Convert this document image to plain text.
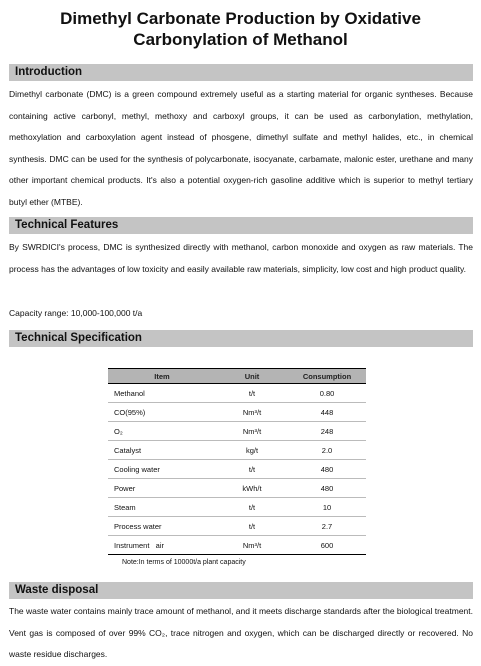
Dimethyl Carbonate Production by Oxidative
Carbonylation of Methanol
Introduction
Dimethyl carbonate (DMC) is a green compound extremely useful as a starting material for organic syntheses. Because containing active carbonyl, methyl, methoxy and carboxyl groups, it can be used as carbonylation, methylation, methoxylation and carboxylation agent instead of phosgene, dimethyl sulfate and methyl halides, etc., in chemical synthesis. DMC can be used for the synthesis of polycarbonate, isocyanate, carbamate, malonic ester, urethane and many other important chemical products. It's also a potential oxygen-rich gasoline additive which is superior to methyl tertiary butyl ether (MTBE).
Technical Features
By SWRDICI's process, DMC is synthesized directly with methanol, carbon monoxide and oxygen as raw materials. The process has the advantages of low toxicity and easily available raw materials, simplicity, low cost and high product quality.
Capacity range: 10,000-100,000 t/a
Technical Specification
Item	Unit	Consumption
Methanol	t/t	0.80
CO(95%)	Nm³/t	448
O₂	Nm³/t	248
Catalyst	kg/t	2.0
Cooling water	t/t	480
Power	kWh/t	480
Steam	t/t	10
Process water	t/t	2.7
Instrument   air	Nm³/t	600
Note:In terms of 10000t/a plant capacity
Waste disposal
The waste water contains mainly trace amount of methanol, and it meets discharge standards after the biological treatment. Vent gas is composed of over 99% CO₂, trace nitrogen and oxygen, which can be discharged directly or recovered. No waste residue discharges.
